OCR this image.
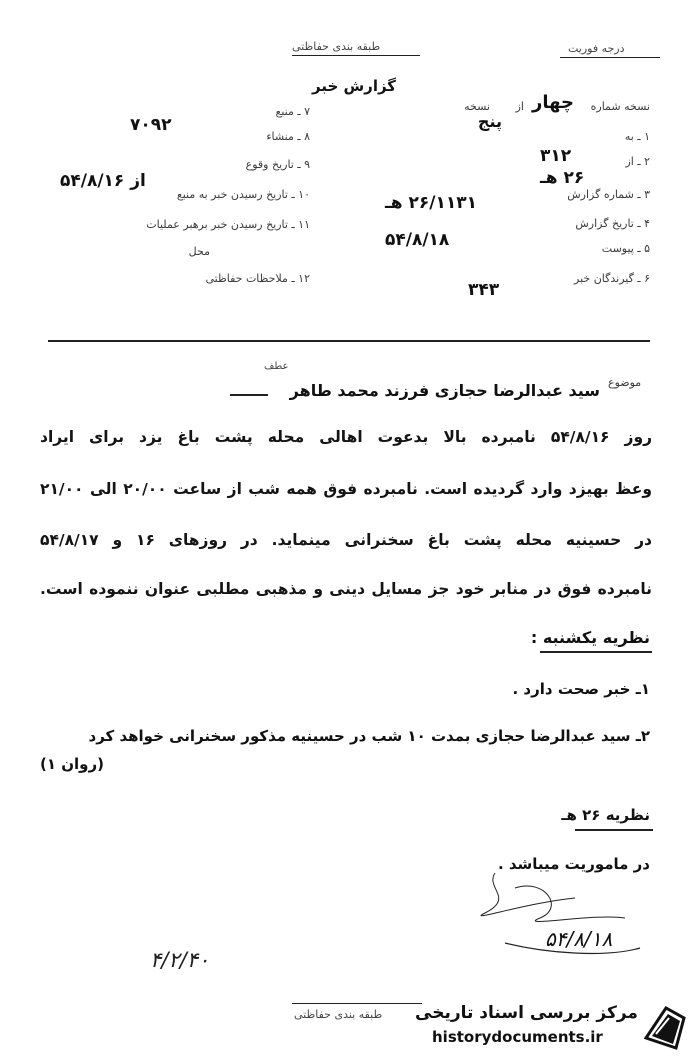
طبقه بندی حفاظتی	درجه فوریت
گزارش خبر
نسخه شماره
چهار
از
نسخه
پنج
۱ ـ به
۲ ـ از
۳۱۲
۳ ـ شماره گزارش
۲۶ هـ
۴ ـ تاریخ گزارش
۲۶/۱۱۳۱ هـ
۵ ـ پیوست
۵۴/۸/۱۸
۶ ـ گیرندگان خبر
۳۴۳
۷ ـ منبع
۷۰۹۲
۸ ـ منشاء
۹ ـ تاریخ وقوع
۱۰ ـ تاریخ رسیدن خبر به منبع
از ۵۴/۸/۱۶
۱۱ ـ تاریخ رسیدن خبر برهبر عملیات
محل
۱۲ ـ ملاحظات حفاظتی
موضوع
عطف
سید عبدالرضا حجازی فرزند محمد طاهر
روز ۵۴/۸/۱۶ نامبرده بالا بدعوت اهالی محله پشت باغ یزد برای ایراد
وعظ بهیزد وارد گردیده است. نامبرده فوق همه شب از ساعت ۲۰/۰۰ الی ۲۱/۰۰
در حسینیه محله پشت باغ سخنرانی مینماید. در روزهای ۱۶ و ۵۴/۸/۱۷
نامبرده فوق در منابر خود جز مسایل دینی و مذهبی مطلبی عنوان ننموده است.
نظریه یکشنبه :
۱ـ خبر صحت دارد .
۲ـ سید عبدالرضا حجازی بمدت ۱۰ شب در حسینیه مذکور سخنرانی خواهد کرد
(روان ۱)
نظریه ۲۶ هـ
در ماموریت میباشد .
۵۴/۸/۱۸
۴/۲/۴۰
طبقه بندی حفاظتی مرکز بررسی اسناد تاریخی
historydocuments.ir
